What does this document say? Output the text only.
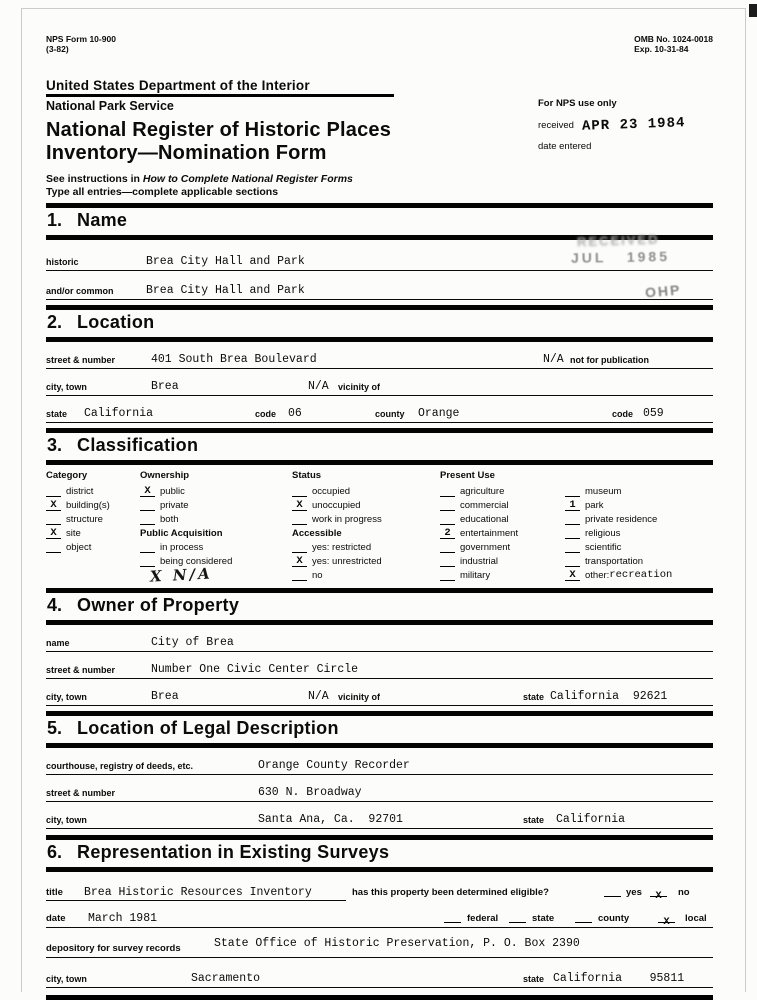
NPS Form 10-900
(3-82)
OMB No. 1024-0018
Exp. 10-31-84
United States Department of the Interior
National Park Service
National Register of Historic Places
Inventory—Nomination Form
For NPS use only
received APR 23 1984
date entered
See instructions in How to Complete National Register Forms
Type all entries—complete applicable sections
1. Name
historic	Brea City Hall and Park
and/or common	Brea City Hall and Park
RECEIVED
JUL   1985
OHP
2. Location
street & number	401 South Brea Boulevard	N/A not for publication
city, town	Brea	N/A vicinity of
state California	code 06	county Orange	code 059
3. Classification
Category
district
X building(s)
structure
X site
object
Ownership
X public
private
both
Public Acquisition
in process
being considered
X N/A
Status
occupied
X unoccupied
work in progress
Accessible
yes: restricted
X yes: unrestricted
no
Present Use
agriculture
commercial
educational
2 entertainment
government
industrial
military
museum
1 park
private residence
religious
scientific
transportation
X other: recreation
4. Owner of Property
name	City of Brea
street & number	Number One Civic Center Circle
city, town	Brea	N/A vicinity of	state California  92621
5. Location of Legal Description
courthouse, registry of deeds, etc.	Orange County Recorder
street & number	630 N. Broadway
city, town	Santa Ana, Ca.  92701	state California
6. Representation in Existing Surveys
title Brea Historic Resources Inventory	has this property been determined eligible?	yes	X	no
date March 1981	federal	state	county	X	local
depository for survey records	State Office of Historic Preservation, P. O. Box 2390
city, town	Sacramento	state California    95811
